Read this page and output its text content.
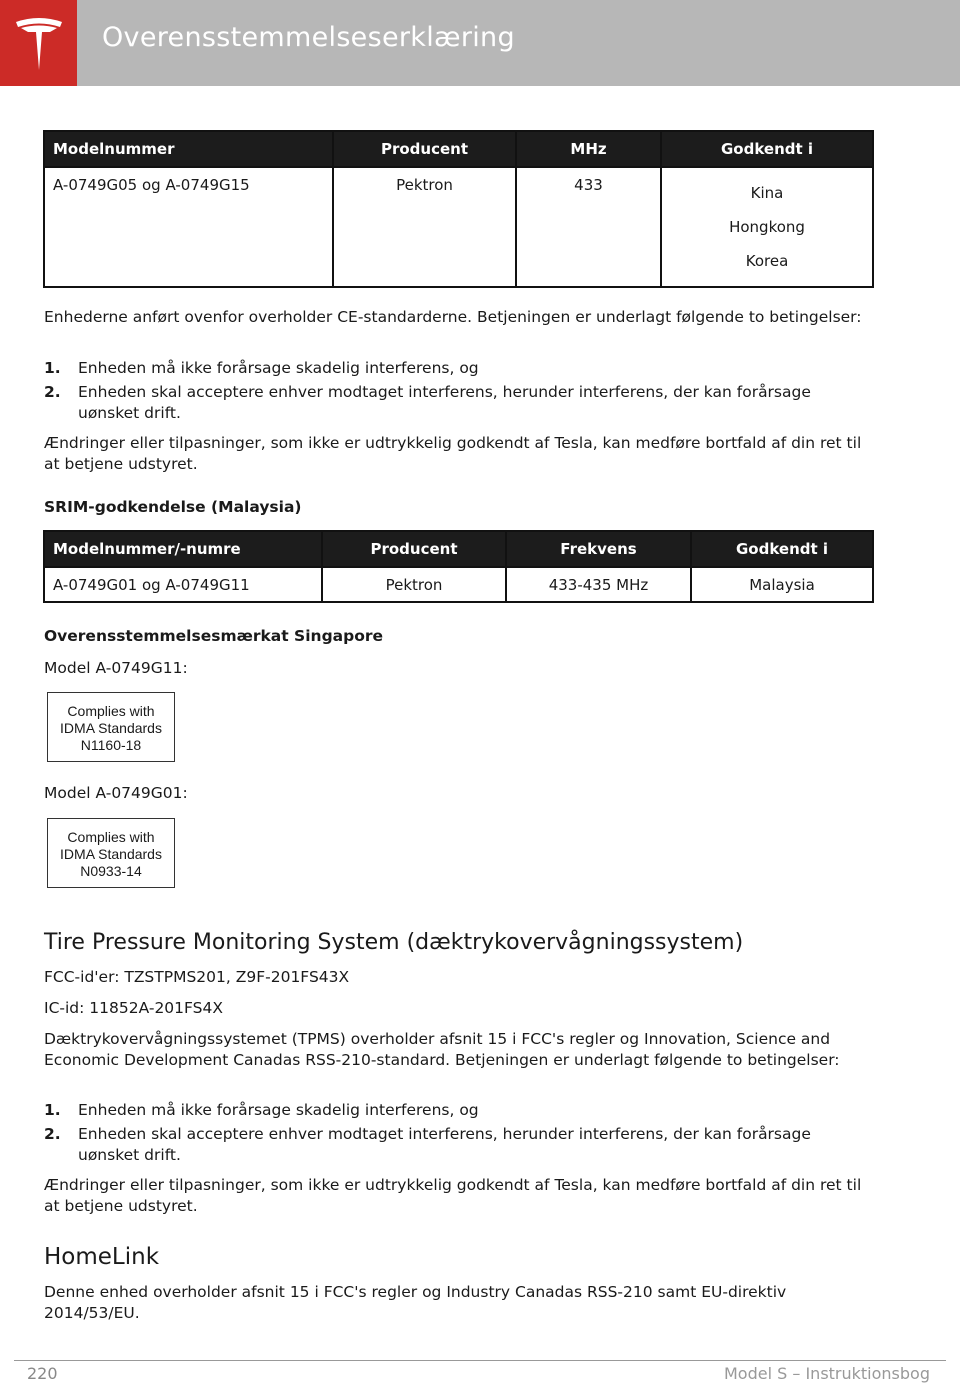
Overensstemmelseserklæring
Modelnummer	Producent	MHz	Godkendt i
A-0749G05 og A-0749G15	Pektron	433	Kina
Hongkong
Korea

Enhederne anført ovenfor overholder CE-standarderne. Betjeningen er underlagt følgende to betingelser:

1. Enheden må ikke forårsage skadelig interferens, og
2. Enheden skal acceptere enhver modtaget interferens, herunder interferens, der kan forårsage uønsket drift.

Ændringer eller tilpasninger, som ikke er udtrykkelig godkendt af Tesla, kan medføre bortfald af din ret til at betjene udstyret.

SRIM-godkendelse (Malaysia)
Modelnummer/-numre	Producent	Frekvens	Godkendt i
A-0749G01 og A-0749G11	Pektron	433-435 MHz	Malaysia
Overensstemmelsesmærkat Singapore
Model A-0749G11:
Complies with
IDMA Standards
N1160-18
Model A-0749G01:
Complies with
IDMA Standards
N0933-14
Tire Pressure Monitoring System (dæktrykovervågningssystem)
FCC-id'er: TZSTPMS201, Z9F-201FS43X
IC-id: 11852A-201FS4X

Dæktrykovervågningssystemet (TPMS) overholder afsnit 15 i FCC's regler og Innovation, Science and Economic Development Canadas RSS-210-standard. Betjeningen er underlagt følgende to betingelser:

1. Enheden må ikke forårsage skadelig interferens, og
2. Enheden skal acceptere enhver modtaget interferens, herunder interferens, der kan forårsage uønsket drift.

Ændringer eller tilpasninger, som ikke er udtrykkelig godkendt af Tesla, kan medføre bortfald af din ret til at betjene udstyret.

HomeLink

Denne enhed overholder afsnit 15 i FCC's regler og Industry Canadas RSS-210 samt EU-direktiv 2014/53/EU.

220	Model S – Instruktionsbog
